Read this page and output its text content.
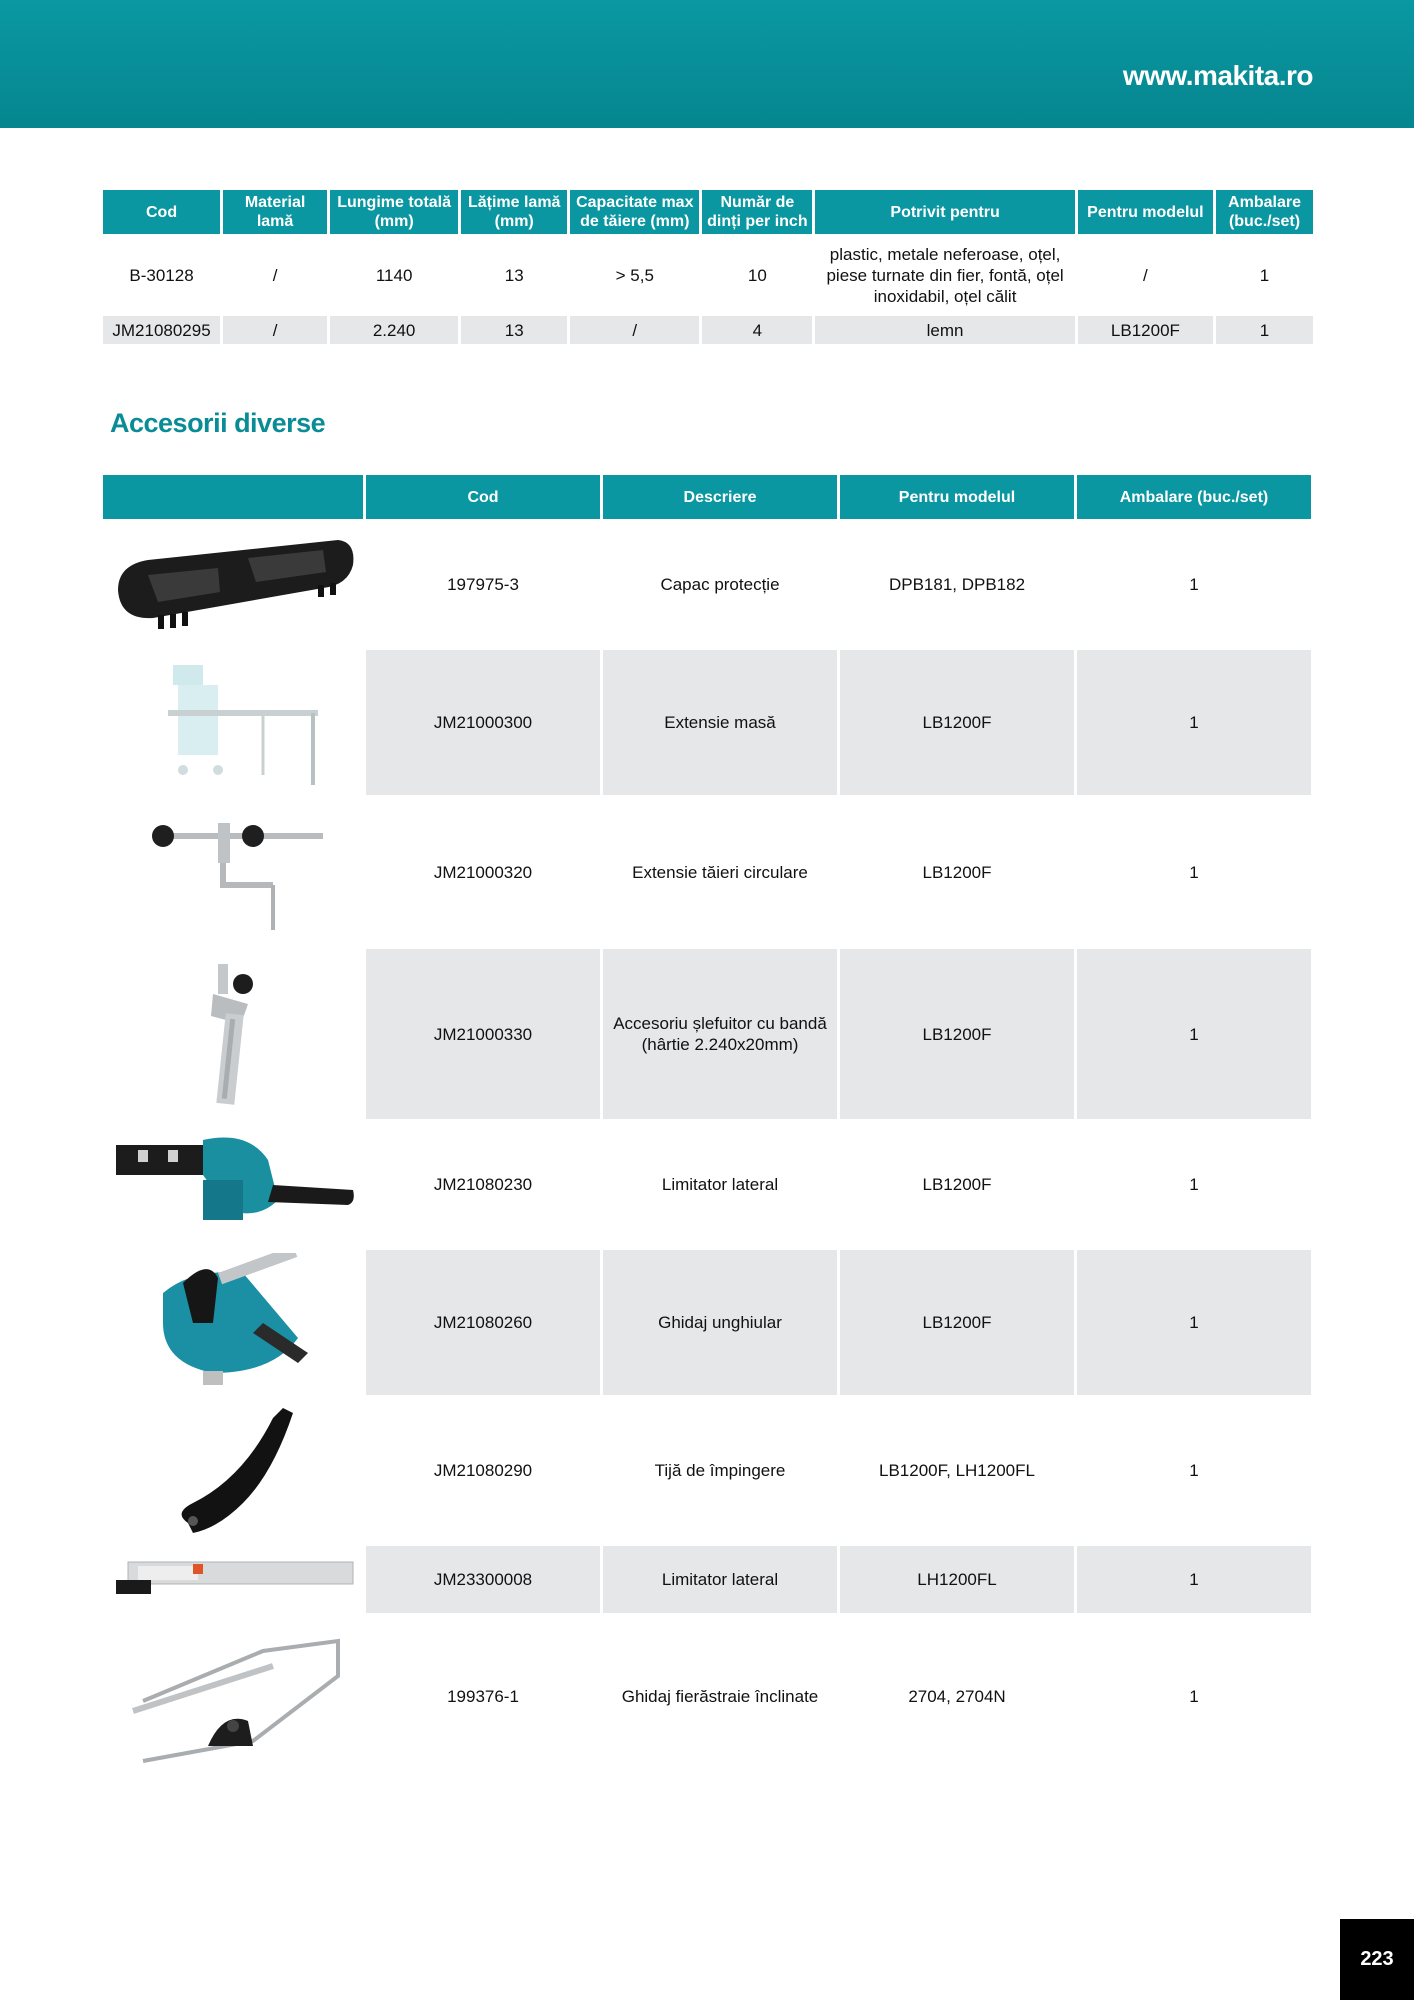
www.makita.ro
Cod	Material lamă	Lungime totală (mm)	Lățime lamă (mm)	Capacitate max de tăiere (mm)	Număr de dinți per inch	Potrivit pentru	Pentru modelul	Ambalare (buc./set)
B-30128	/	1140	13	> 5,5	10	plastic, metale neferoase, oțel, piese turnate din fier, fontă, oțel inoxidabil, oțel călit	/	1
JM21080295	/	2.240	13	/	4	lemn	LB1200F	1
Accesorii diverse
	Cod	Descriere	Pentru modelul	Ambalare (buc./set)

	197975-3	Capac protecție	DPB181, DPB182	1

	JM21000300	Extensie masă	LB1200F	1

	JM21000320	Extensie tăieri circulare	LB1200F	1

	JM21000330	Accesoriu șlefuitor cu bandă (hârtie 2.240x20mm)	LB1200F	1

	JM21080230	Limitator lateral	LB1200F	1

	JM21080260	Ghidaj unghiular	LB1200F	1

	JM21080290	Tijă de împingere	LB1200F, LH1200FL	1

	JM23300008	Limitator lateral	LH1200FL	1

	199376-1	Ghidaj fierăstraie înclinate	2704, 2704N	1
223
